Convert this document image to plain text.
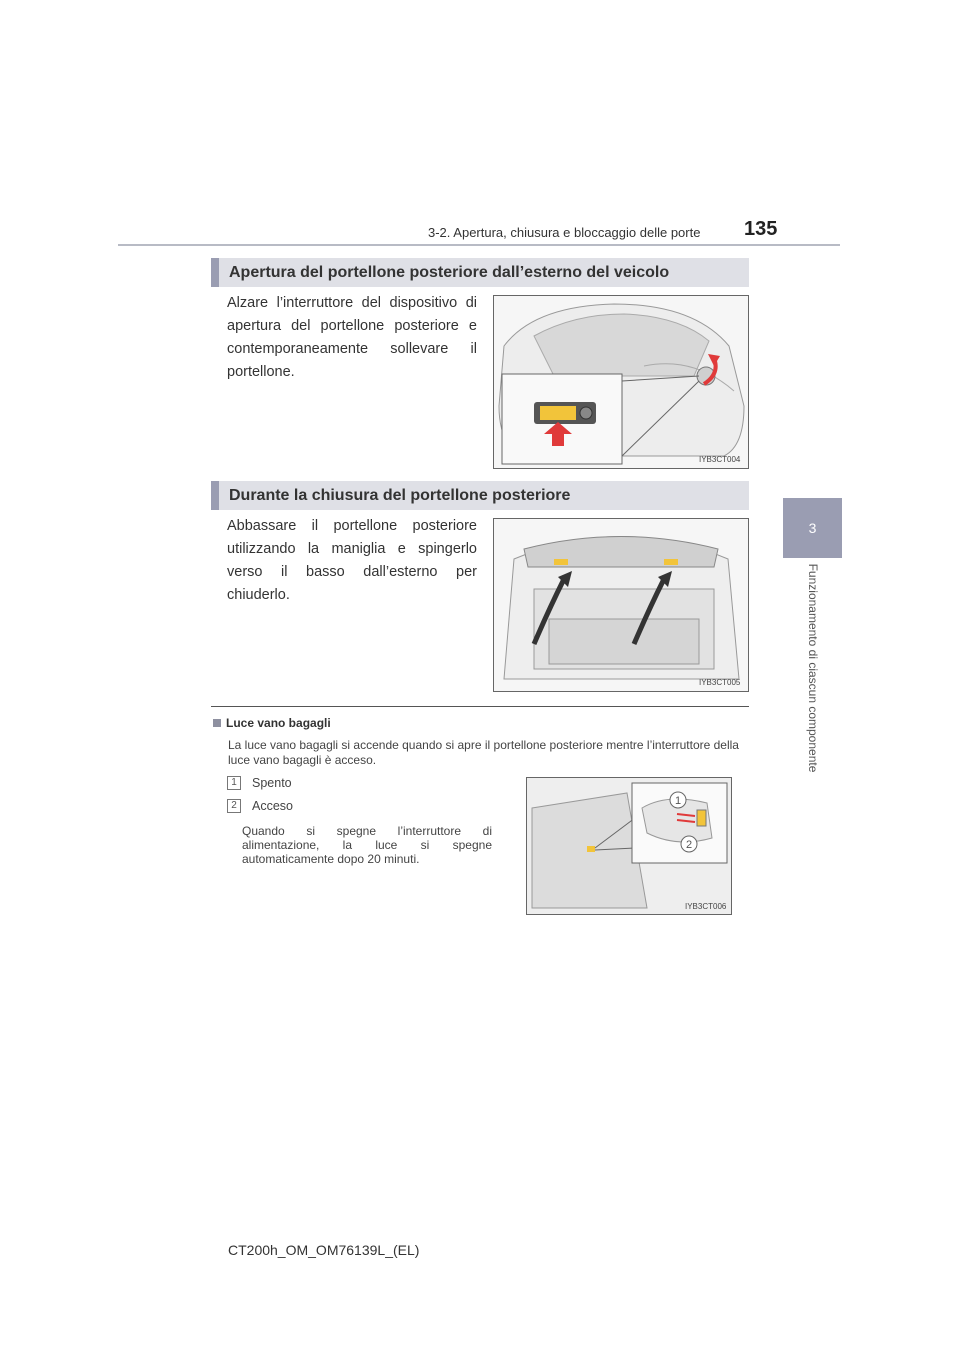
3-2. Apertura, chiusura e bloccaggio delle porte 135
3
Funzionamento di ciascun componente
Apertura del portellone posteriore dall’esterno del veicolo
Alzare l’interruttore del dispositivo di apertura del portellone posteriore e contemporaneamente sollevare il portellone.
IYB3CT004
Durante la chiusura del portellone posteriore
Abbassare il portellone posteriore utilizzando la maniglia e spingerlo verso il basso dall’esterno per chiuderlo.
IYB3CT005
Luce vano bagagli
La luce vano bagagli si accende quando si apre il portellone posteriore mentre l’interruttore della luce vano bagagli è acceso.
1	Spento
2	Acceso
Quando si spegne l’interruttore di alimentazione, la luce si spegne automaticamente dopo 20 minuti.
1
2
IYB3CT006
CT200h_OM_OM76139L_(EL)
